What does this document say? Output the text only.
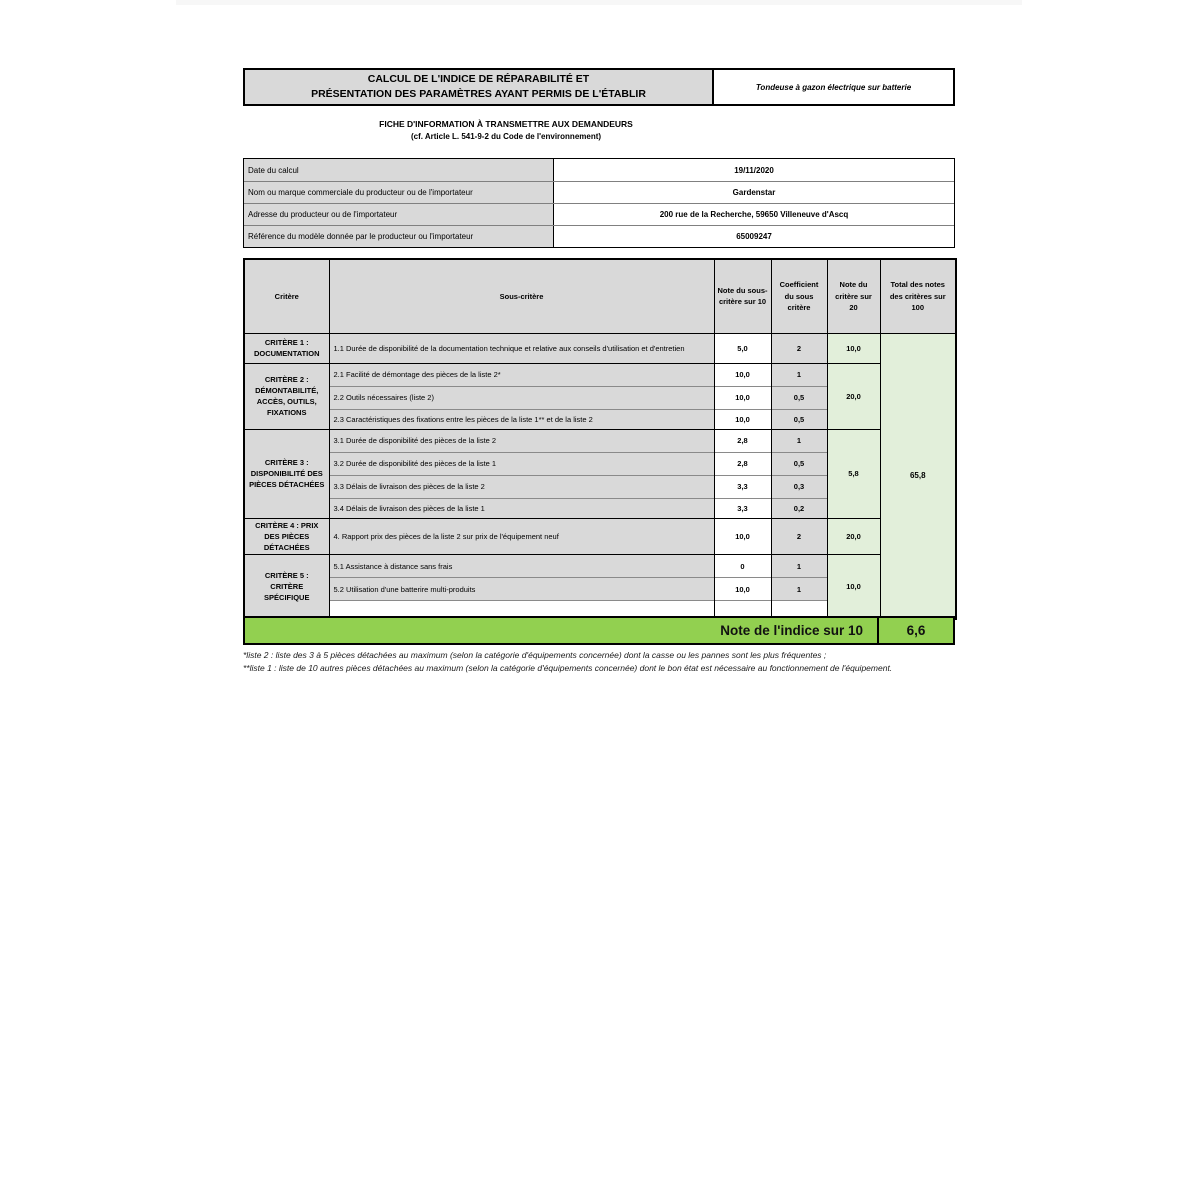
CALCUL DE L'INDICE DE RÉPARABILITÉ ET
PRÉSENTATION DES PARAMÈTRES AYANT PERMIS DE L'ÉTABLIR
Tondeuse à gazon électrique sur batterie
FICHE D'INFORMATION À TRANSMETTRE AUX DEMANDEURS
(cf. Article L. 541-9-2 du Code de l'environnement)
Date du calcul	19/11/2020
Nom ou marque commerciale du producteur ou de l'importateur	Gardenstar
Adresse du producteur ou de l'importateur	200 rue de la Recherche, 59650 Villeneuve d'Ascq
Référence du modèle donnée par le producteur ou l'importateur	65009247
Critère	Sous-critère	Note du sous-critère sur 10	Coefficient du sous critère	Note du critère sur 20	Total des notes des critères sur 100
CRITÈRE 1 : DOCUMENTATION	1.1 Durée de disponibilité de la documentation technique et relative aux conseils d'utilisation et d'entretien	5,0	2	10,0	65,8
CRITÈRE 2 : DÉMONTABILITÉ, ACCÈS, OUTILS, FIXATIONS	2.1 Facilité de démontage des pièces de la liste 2*	10,0	1	20,0	
	2.2 Outils nécessaires (liste 2)	10,0	0,5		
	2.3 Caractéristiques des fixations entre les pièces de la liste 1** et de la liste 2	10,0	0,5		
CRITÈRE 3 : DISPONIBILITÉ DES PIÈCES DÉTACHÉES	3.1 Durée de disponibilité des pièces de la liste 2	2,8	1	5,8	
	3.2 Durée de disponibilité des pièces de la liste 1	2,8	0,5		
	3.3 Délais de livraison des pièces de la liste 2	3,3	0,3		
	3.4 Délais de livraison des pièces de la liste 1	3,3	0,2		
CRITÈRE 4 : PRIX DES PIÈCES DÉTACHÉES	4. Rapport prix des pièces de la liste 2 sur prix de l'équipement neuf	10,0	2	20,0	
CRITÈRE 5 : CRITÈRE SPÉCIFIQUE	5.1 Assistance à distance sans frais	0	1	10,0	
	5.2 Utilisation d'une batterire multi-produits	10,0	1		

Note de l'indice sur 10	6,6
*liste 2 : liste des 3 à 5 pièces détachées au maximum (selon la catégorie d'équipements concernée) dont la casse ou les pannes sont les plus fréquentes ;
**liste 1 : liste de 10 autres pièces détachées au maximum (selon la catégorie d'équipements concernée) dont le bon état est nécessaire au fonctionnement de l'équipement.
